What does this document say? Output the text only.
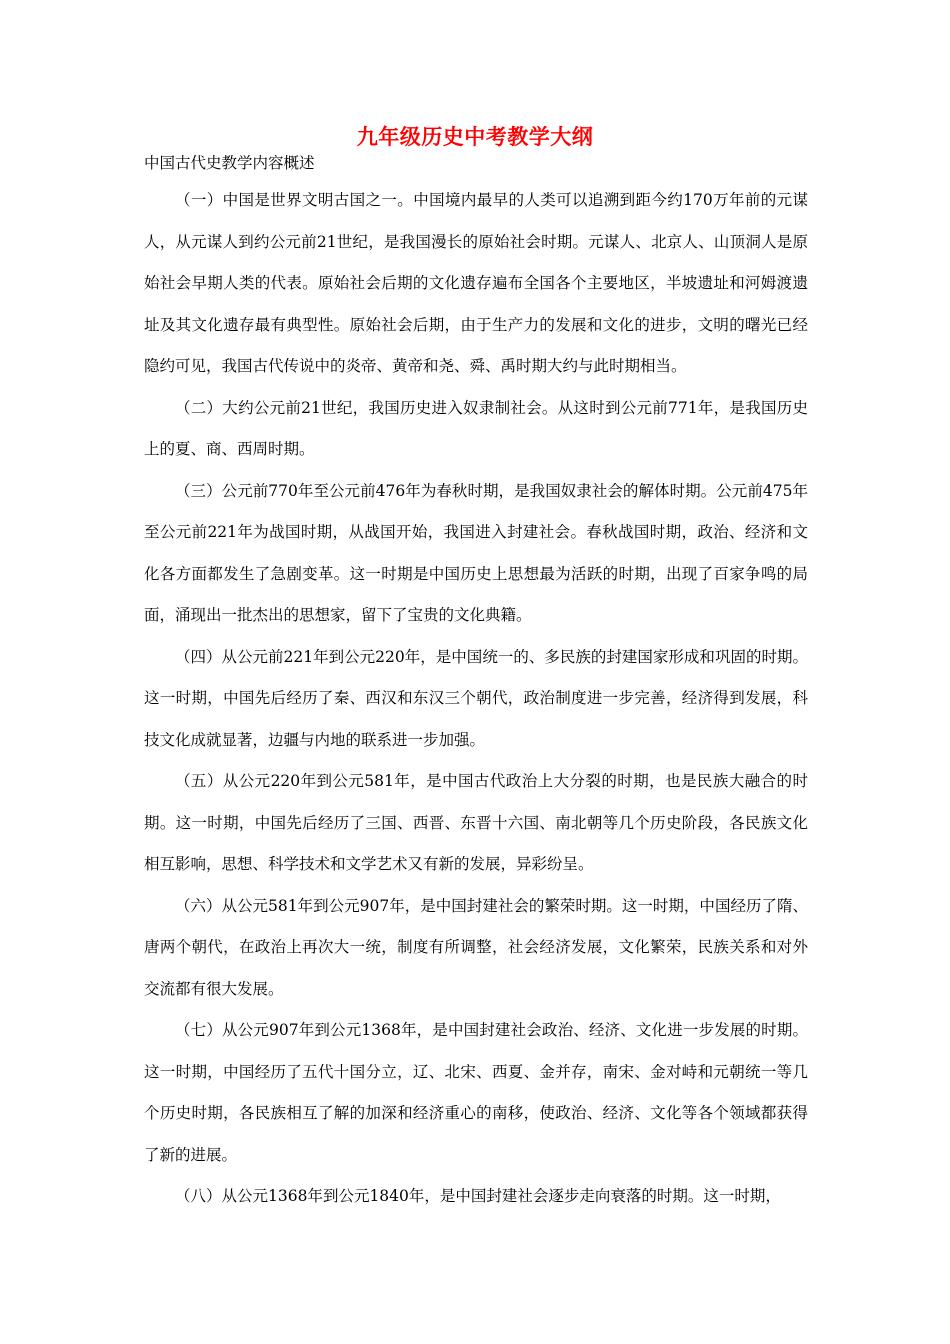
九年级历史中考教学大纲
中国古代史教学内容概述

（一）中国是世界文明古国之一。中国境内最早的人类可以追溯到距今约170万年前的元谋人，从元谋人到约公元前21世纪，是我国漫长的原始社会时期。元谋人、北京人、山顶洞人是原始社会早期人类的代表。原始社会后期的文化遗存遍布全国各个主要地区，半坡遗址和河姆渡遗址及其文化遗存最有典型性。原始社会后期，由于生产力的发展和文化的进步，文明的曙光已经隐约可见，我国古代传说中的炎帝、黄帝和尧、舜、禹时期大约与此时期相当。

（二）大约公元前21世纪，我国历史进入奴隶制社会。从这时到公元前771年，是我国历史上的夏、商、西周时期。

（三）公元前770年至公元前476年为春秋时期，是我国奴隶社会的解体时期。公元前475年至公元前221年为战国时期，从战国开始，我国进入封建社会。春秋战国时期，政治、经济和文化各方面都发生了急剧变革。这一时期是中国历史上思想最为活跃的时期，出现了百家争鸣的局面，涌现出一批杰出的思想家，留下了宝贵的文化典籍。

（四）从公元前221年到公元220年，是中国统一的、多民族的封建国家形成和巩固的时期。这一时期，中国先后经历了秦、西汉和东汉三个朝代，政治制度进一步完善，经济得到发展，科技文化成就显著，边疆与内地的联系进一步加强。

（五）从公元220年到公元581年，是中国古代政治上大分裂的时期，也是民族大融合的时期。这一时期，中国先后经历了三国、西晋、东晋十六国、南北朝等几个历史阶段，各民族文化相互影响，思想、科学技术和文学艺术又有新的发展，异彩纷呈。

（六）从公元581年到公元907年，是中国封建社会的繁荣时期。这一时期，中国经历了隋、唐两个朝代，在政治上再次大一统，制度有所调整，社会经济发展，文化繁荣，民族关系和对外交流都有很大发展。

（七）从公元907年到公元1368年，是中国封建社会政治、经济、文化进一步发展的时期。这一时期，中国经历了五代十国分立，辽、北宋、西夏、金并存，南宋、金对峙和元朝统一等几个历史时期，各民族相互了解的加深和经济重心的南移，使政治、经济、文化等各个领域都获得了新的进展。

（八）从公元1368年到公元1840年，是中国封建社会逐步走向衰落的时期。这一时期，
